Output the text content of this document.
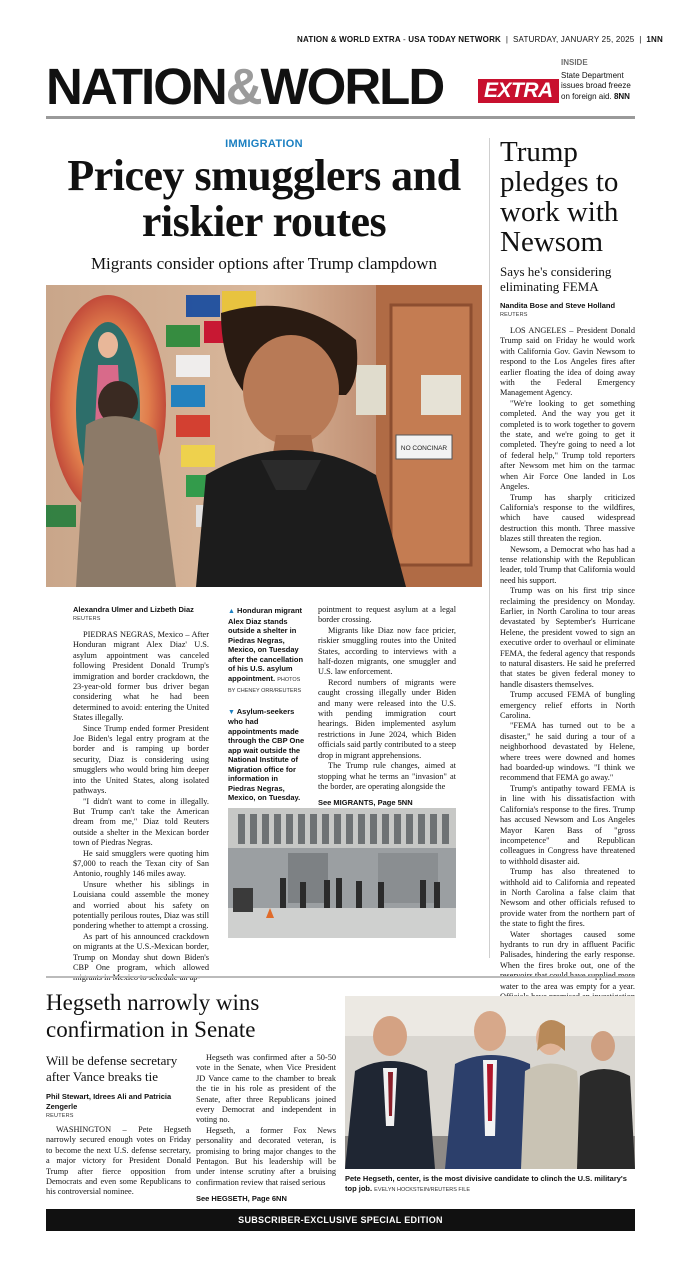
NATION & WORLD EXTRA - USA TODAY NETWORK  |  SATURDAY, JANUARY 25, 2025  |  1NN
NATION&WORLD EXTRA
INSIDE
State Department issues broad freeze on foreign aid. 8NN
IMMIGRATION
Pricey smugglers and riskier routes
Migrants consider options after Trump clampdown
NO CONCINAR
Alexandra Ulmer and Lizbeth Diaz
REUTERS

PIEDRAS NEGRAS, Mexico – After Honduran migrant Alex Diaz' U.S. asylum appointment was canceled following President Donald Trump's immigration and border crackdown, the 23-year-old former bus driver began considering what he had been determined to avoid: entering the United States illegally.

Since Trump ended former President Joe Biden's legal entry program at the border and is ramping up border security, Diaz is considering using smugglers who would bring him deeper into the United States, along isolated pathways.

"I didn't want to come in illegally. But Trump can't take the American dream from me," Diaz told Reuters outside a shelter in the Mexican border town of Piedras Negras.

He said smugglers were quoting him $7,000 to reach the Texan city of San Antonio, roughly 146 miles away.

Unsure whether his siblings in Louisiana could assemble the money and worried about his safety on potentially perilous routes, Diaz was still pondering whether to attempt a crossing.

As part of his announced crackdown on migrants at the U.S.-Mexican border, Trump on Monday shut down Biden's CBP One program, which allowed

▲ Honduran migrant Alex Diaz stands outside a shelter in Piedras Negras, Mexico, on Tuesday after the cancellation of his U.S. asylum appointment. PHOTOS BY CHENEY ORR/REUTERS
▼ Asylum-seekers who had appointments made through the CBP One app wait outside the National Institute of Migration office for information in Piedras Negras, Mexico, on Tuesday.

pointment to request asylum at a legal border crossing.

Migrants like Diaz now face pricier, riskier smuggling routes into the United States, according to interviews with a half-dozen migrants, one smuggler and U.S. law enforcement.

Record numbers of migrants were caught crossing illegally under Biden and many were released into the U.S. with pending immigration court hearings. Biden implemented asylum restrictions in June 2024, which Biden officials said partly contributed to a steep drop in migrant apprehensions.

The Trump rule changes, aimed at stopping what he terms an "invasion" at the border, are operating alongside the

See MIGRANTS, Page 5NN
Trump pledges to work with Newsom
Says he's considering eliminating FEMA
Nandita Bose and Steve Holland
REUTERS

LOS ANGELES – President Donald Trump said on Friday he would work with California Gov. Gavin Newsom to respond to the Los Angeles fires after earlier floating the idea of doing away with the Federal Emergency Management Agency.

"We're looking to get something completed. And the way you get it completed is to work together to govern the state, and we're going to get it completed. They're going to need a lot of federal help," Trump told reporters after Newsom met him on the tarmac when Air Force One landed in Los Angeles.

Trump has sharply criticized California's response to the wildfires, which have caused widespread destruction this month. Three massive blazes still threaten the region.

Newsom, a Democrat who has had a tense relationship with the Republican leader, told Trump that California would need his support.

Trump was on his first trip since reclaiming the presidency on Monday. Earlier, in North Carolina to tour areas devastated by September's Hurricane Helene, the president vowed to sign an executive order to overhaul or eliminate FEMA, the federal agency that responds to natural disasters. He said he preferred that states be given federal money to handle disasters themselves.

Trump accused FEMA of bungling emergency relief efforts in North Carolina.

"FEMA has turned out to be a disaster," he said during a tour of a neighborhood devastated by Helene, where trees were downed and homes had boarded-up windows. "I think we recommend that FEMA go away."

Trump's antipathy toward FEMA is in line with his dissatisfaction with California's response to the fires. Trump has accused Newsom and Los Angeles Mayor Karen Bass of "gross incompetence" and Republican colleagues in Congress have threatened to withhold disaster aid.

Trump has also threatened to withhold aid to California and repeated in North Carolina a false claim that Newsom and other officials refused to provide water from the northern part of the state to fight the fires.

Water shortages caused some hydrants to run dry in affluent Pacific Palisades, hindering the early response. When the fires broke out, one of the water to the area was empty for a year.

Hegseth narrowly wins confirmation in Senate
Will be defense secretary after Vance breaks tie
Phil Stewart, Idrees Ali and Patricia Zengerle
REUTERS

WASHINGTON – Pete Hegseth narrowly secured enough votes on Friday to become the next U.S. defense secretary, a major victory for President Donald Trump after fierce opposition from Democrats and even some Republicans to his controversial nominee.

Hegseth was confirmed after a 50-50 vote in the Senate, when Vice President JD Vance came to the chamber to break the tie in his role as president of the Senate, after three Republicans joined every Democrat and independent in voting no.

Hegseth, a former Fox News personality and decorated veteran, is promising to bring major changes to the Pentagon. But his leadership will be under intense scrutiny after a bruising confirmation review that raised serious

See HEGSETH, Page 6NN
Pete Hegseth, center, is the most divisive candidate to clinch the U.S. military's top job. EVELYN HOCKSTEIN/REUTERS FILE
SUBSCRIBER-EXCLUSIVE SPECIAL EDITION
